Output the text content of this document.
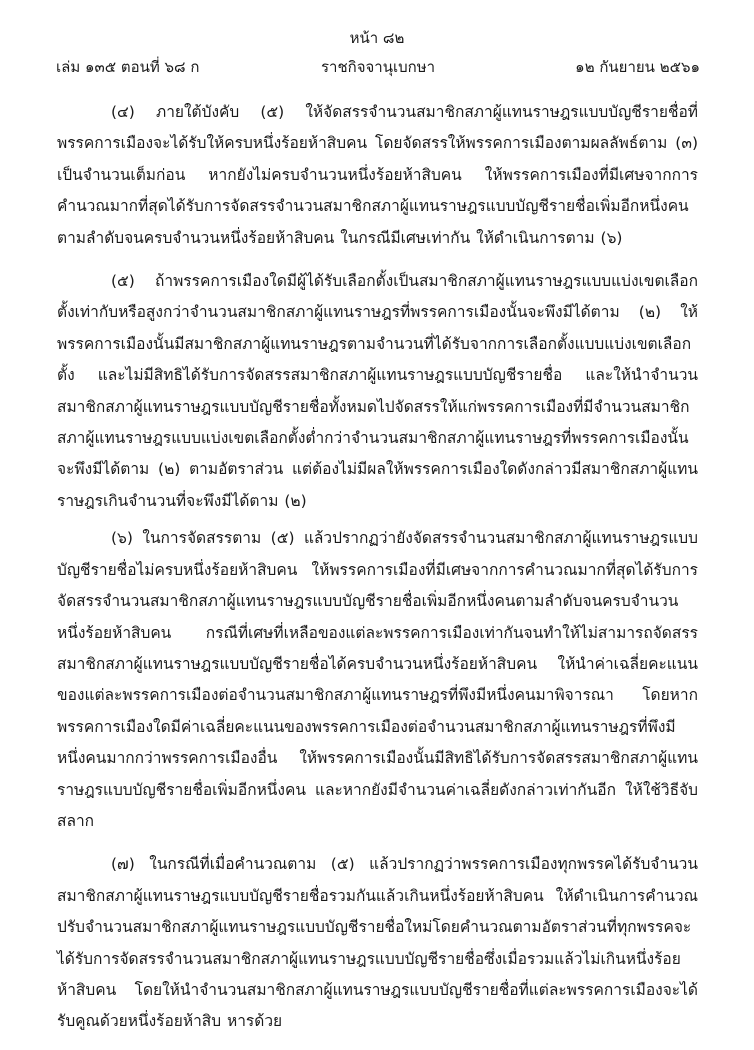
หน้า ๘๒
เล่ม ๑๓๕ ตอนที่ ๖๘ ก	ราชกิจจานุเบกษา	๑๒ กันยายน ๒๕๖๑

(๔) ภายใต้บังคับ (๕) ให้จัดสรรจำนวนสมาชิกสภาผู้แทนราษฎรแบบบัญชีรายชื่อที่พรรคการเมืองจะได้รับให้ครบหนึ่งร้อยห้าสิบคน โดยจัดสรรให้พรรคการเมืองตามผลลัพธ์ตาม (๓) เป็นจำนวนเต็มก่อน หากยังไม่ครบจำนวนหนึ่งร้อยห้าสิบคน ให้พรรคการเมืองที่มีเศษจากการคำนวณมากที่สุดได้รับการจัดสรรจำนวนสมาชิกสภาผู้แทนราษฎรแบบบัญชีรายชื่อเพิ่มอีกหนึ่งคนตามลำดับจนครบจำนวนหนึ่งร้อยห้าสิบคน ในกรณีมีเศษเท่ากัน ให้ดำเนินการตาม (๖)

(๕) ถ้าพรรคการเมืองใดมีผู้ได้รับเลือกตั้งเป็นสมาชิกสภาผู้แทนราษฎรแบบแบ่งเขตเลือกตั้งเท่ากับหรือสูงกว่าจำนวนสมาชิกสภาผู้แทนราษฎรที่พรรคการเมืองนั้นจะพึงมีได้ตาม (๒) ให้พรรคการเมืองนั้นมีสมาชิกสภาผู้แทนราษฎรตามจำนวนที่ได้รับจากการเลือกตั้งแบบแบ่งเขตเลือกตั้ง และไม่มีสิทธิได้รับการจัดสรรสมาชิกสภาผู้แทนราษฎรแบบบัญชีรายชื่อ และให้นำจำนวนสมาชิกสภาผู้แทนราษฎรแบบบัญชีรายชื่อทั้งหมดไปจัดสรรให้แก่พรรคการเมืองที่มีจำนวนสมาชิกสภาผู้แทนราษฎรแบบแบ่งเขตเลือกตั้งต่ำกว่าจำนวนสมาชิกสภาผู้แทนราษฎรที่พรรคการเมืองนั้นจะพึงมีได้ตาม (๒) ตามอัตราส่วน แต่ต้องไม่มีผลให้พรรคการเมืองใดดังกล่าวมีสมาชิกสภาผู้แทนราษฎรเกินจำนวนที่จะพึงมีได้ตาม (๒)

(๖) ในการจัดสรรตาม (๕) แล้วปรากฏว่ายังจัดสรรจำนวนสมาชิกสภาผู้แทนราษฎรแบบบัญชีรายชื่อไม่ครบหนึ่งร้อยห้าสิบคน ให้พรรคการเมืองที่มีเศษจากการคำนวณมากที่สุดได้รับการจัดสรรจำนวนสมาชิกสภาผู้แทนราษฎรแบบบัญชีรายชื่อเพิ่มอีกหนึ่งคนตามลำดับจนครบจำนวนหนึ่งร้อยห้าสิบคน กรณีที่เศษที่เหลือของแต่ละพรรคการเมืองเท่ากันจนทำให้ไม่สามารถจัดสรรสมาชิกสภาผู้แทนราษฎรแบบบัญชีรายชื่อได้ครบจำนวนหนึ่งร้อยห้าสิบคน ให้นำค่าเฉลี่ยคะแนนของแต่ละพรรคการเมืองต่อจำนวนสมาชิกสภาผู้แทนราษฎรที่พึงมีหนึ่งคนมาพิจารณา โดยหากพรรคการเมืองใดมีค่าเฉลี่ยคะแนนของพรรคการเมืองต่อจำนวนสมาชิกสภาผู้แทนราษฎรที่พึงมีหนึ่งคนมากกว่าพรรคการเมืองอื่น ให้พรรคการเมืองนั้นมีสิทธิได้รับการจัดสรรสมาชิกสภาผู้แทนราษฎรแบบบัญชีรายชื่อเพิ่มอีกหนึ่งคน และหากยังมีจำนวนค่าเฉลี่ยดังกล่าวเท่ากันอีก ให้ใช้วิธีจับสลาก

(๗) ในกรณีที่เมื่อคำนวณตาม (๕) แล้วปรากฏว่าพรรคการเมืองทุกพรรคได้รับจำนวนสมาชิกสภาผู้แทนราษฎรแบบบัญชีรายชื่อรวมกันแล้วเกินหนึ่งร้อยห้าสิบคน ให้ดำเนินการคำนวณปรับจำนวนสมาชิกสภาผู้แทนราษฎรแบบบัญชีรายชื่อใหม่โดยคำนวณตามอัตราส่วนที่ทุกพรรคจะได้รับการจัดสรรจำนวนสมาชิกสภาผู้แทนราษฎรแบบบัญชีรายชื่อซึ่งเมื่อรวมแล้วไม่เกินหนึ่งร้อยห้าสิบคน โดยให้นำจำนวนสมาชิกสภาผู้แทนราษฎรแบบบัญชีรายชื่อที่แต่ละพรรคการเมืองจะได้รับคูณด้วยหนึ่งร้อยห้าสิบ หารด้วย
